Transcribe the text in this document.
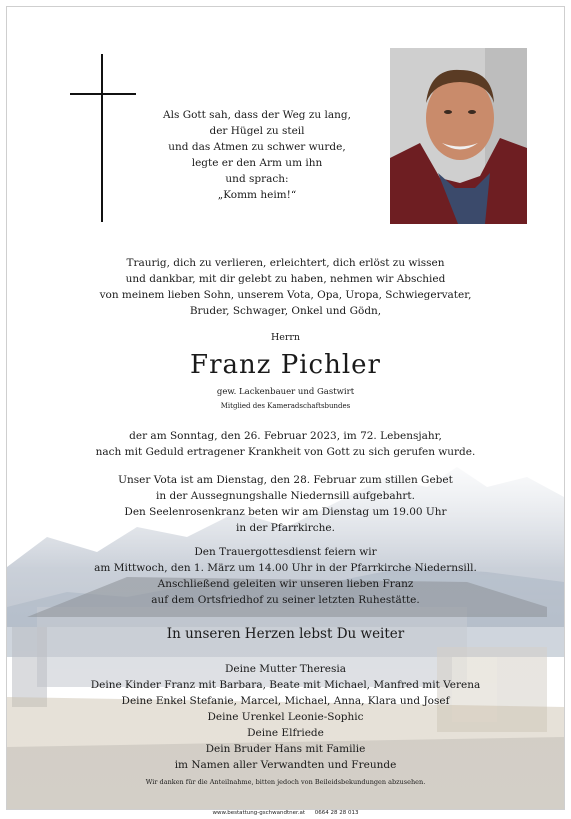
Als Gott sah, dass der Weg zu lang,
der Hügel zu steil
und das Atmen zu schwer wurde,
legte er den Arm um ihn
und sprach:
„Komm heim!“
Traurig, dich zu verlieren, erleichtert, dich erlöst zu wissen
und dankbar, mit dir gelebt zu haben, nehmen wir Abschied
von meinem lieben Sohn, unserem Vota, Opa, Uropa, Schwiegervater,
Bruder, Schwager, Onkel und Gödn,
Herrn
Franz Pichler
gew. Lackenbauer und Gastwirt
Mitglied des Kameradschaftsbundes
der am Sonntag, den 26. Februar 2023, im 72. Lebensjahr,
nach mit Geduld ertragener Krankheit von Gott zu sich gerufen wurde.
Unser Vota ist am Dienstag, den 28. Februar zum stillen Gebet
in der Aussegnungshalle Niedernsill aufgebahrt.
Den Seelenrosenkranz beten wir am Dienstag um 19.00 Uhr
in der Pfarrkirche.
Den Trauergottesdienst feiern wir
am Mittwoch, den 1. März um 14.00 Uhr in der Pfarrkirche Niedernsill.
Anschließend geleiten wir unseren lieben Franz
auf dem Ortsfriedhof zu seiner letzten Ruhestätte.
In unseren Herzen lebst Du weiter
Deine Mutter Theresia
Deine Kinder Franz mit Barbara, Beate mit Michael, Manfred mit Verena
Deine Enkel Stefanie, Marcel, Michael, Anna, Klara und Josef
Deine Urenkel Leonie-Sophic
Deine Elfriede
Dein Bruder Hans mit Familie
im Namen aller Verwandten und Freunde
Wir danken für die Anteilnahme, bitten jedoch von Beileidsbekundungen abzusehen.
www.bestattung-gschwandtner.at 0664 28 28 013
